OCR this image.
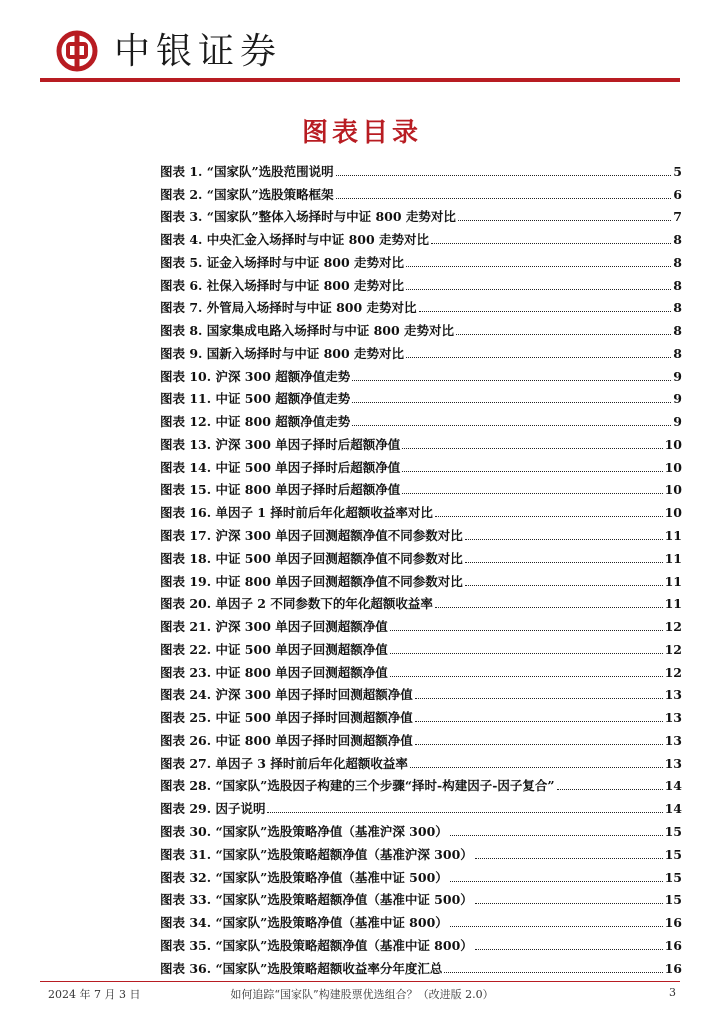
中银证券
图表目录
图表 1. “国家队”选股范围说明	5
图表 2. “国家队”选股策略框架	6
图表 3. “国家队”整体入场择时与中证 800 走势对比	7
图表 4. 中央汇金入场择时与中证 800 走势对比	8
图表 5. 证金入场择时与中证 800 走势对比	8
图表 6. 社保入场择时与中证 800 走势对比	8
图表 7. 外管局入场择时与中证 800 走势对比	8
图表 8. 国家集成电路入场择时与中证 800 走势对比	8
图表 9. 国新入场择时与中证 800 走势对比	8
图表 10. 沪深 300 超额净值走势	9
图表 11. 中证 500 超额净值走势	9
图表 12. 中证 800 超额净值走势	9
图表 13. 沪深 300 单因子择时后超额净值	10
图表 14. 中证 500 单因子择时后超额净值	10
图表 15. 中证 800 单因子择时后超额净值	10
图表 16. 单因子 1 择时前后年化超额收益率对比	10
图表 17. 沪深 300 单因子回测超额净值不同参数对比	11
图表 18. 中证 500 单因子回测超额净值不同参数对比	11
图表 19. 中证 800 单因子回测超额净值不同参数对比	11
图表 20. 单因子 2 不同参数下的年化超额收益率	11
图表 21. 沪深 300 单因子回测超额净值	12
图表 22. 中证 500 单因子回测超额净值	12
图表 23. 中证 800 单因子回测超额净值	12
图表 24. 沪深 300 单因子择时回测超额净值	13
图表 25. 中证 500 单因子择时回测超额净值	13
图表 26. 中证 800 单因子择时回测超额净值	13
图表 27. 单因子 3 择时前后年化超额收益率	13
图表 28. “国家队”选股因子构建的三个步骤“择时-构建因子-因子复合”	14
图表 29. 因子说明	14
图表 30. “国家队”选股策略净值（基准沪深 300）	15
图表 31. “国家队”选股策略超额净值（基准沪深 300）	15
图表 32. “国家队”选股策略净值（基准中证 500）	15
图表 33. “国家队”选股策略超额净值（基准中证 500）	15
图表 34. “国家队”选股策略净值（基准中证 800）	16
图表 35. “国家队”选股策略超额净值（基准中证 800）	16
图表 36. “国家队”选股策略超额收益率分年度汇总	16
2024 年 7 月 3 日	如何追踪“国家队”构建股票优选组合？（改进版 2.0）	3
